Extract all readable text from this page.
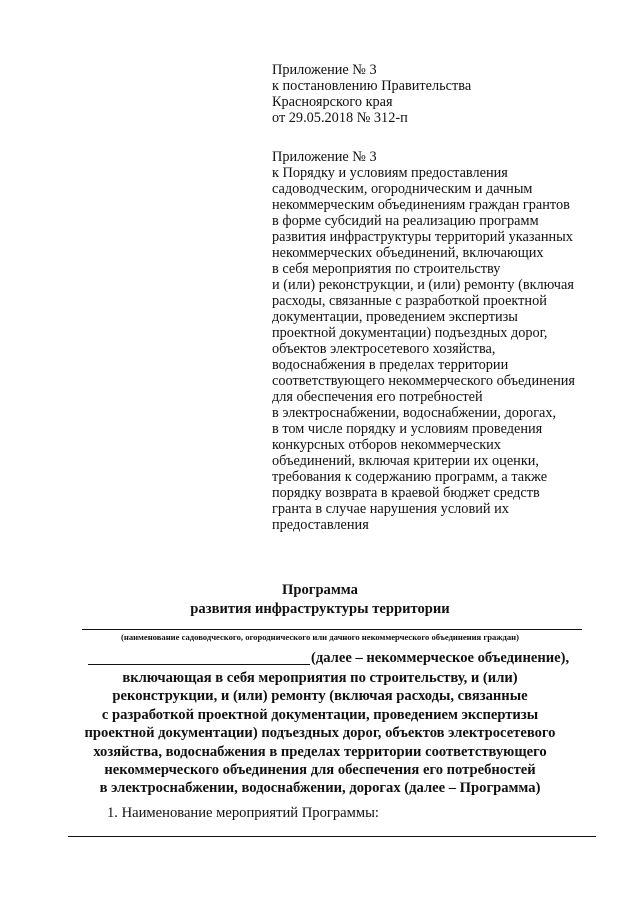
Приложение № 3
к постановлению Правительства
Красноярского края
от 29.05.2018 № 312-п
Приложение № 3
к Порядку и условиям предоставления
садоводческим, огородническим и дачным
некоммерческим объединениям граждан грантов
в форме субсидий на реализацию программ
развития инфраструктуры территорий указанных
некоммерческих объединений, включающих
в себя мероприятия по строительству
и (или) реконструкции, и (или) ремонту (включая
расходы, связанные с разработкой проектной
документации, проведением экспертизы
проектной документации) подъездных дорог,
объектов электросетевого хозяйства,
водоснабжения в пределах территории
соответствующего некоммерческого объединения
для обеспечения его потребностей
в электроснабжении, водоснабжении, дорогах,
в том числе порядку и условиям проведения
конкурсных отборов некоммерческих
объединений, включая критерии их оценки,
требования к содержанию программ, а также
порядку возврата в краевой бюджет средств
гранта в случае нарушения условий их
предоставления
Программа
развития инфраструктуры территории
(наименование садоводческого, огороднического или дачного некоммерческого объединения граждан)
(далее – некоммерческое объединение),
включающая в себя мероприятия по строительству, и (или)
реконструкции, и (или) ремонту (включая расходы, связанные
с разработкой проектной документации, проведением экспертизы
проектной документации) подъездных дорог, объектов электросетевого
хозяйства, водоснабжения в пределах территории соответствующего
некоммерческого объединения для обеспечения его потребностей
в электроснабжении, водоснабжении, дорогах (далее – Программа)
1. Наименование мероприятий Программы:
